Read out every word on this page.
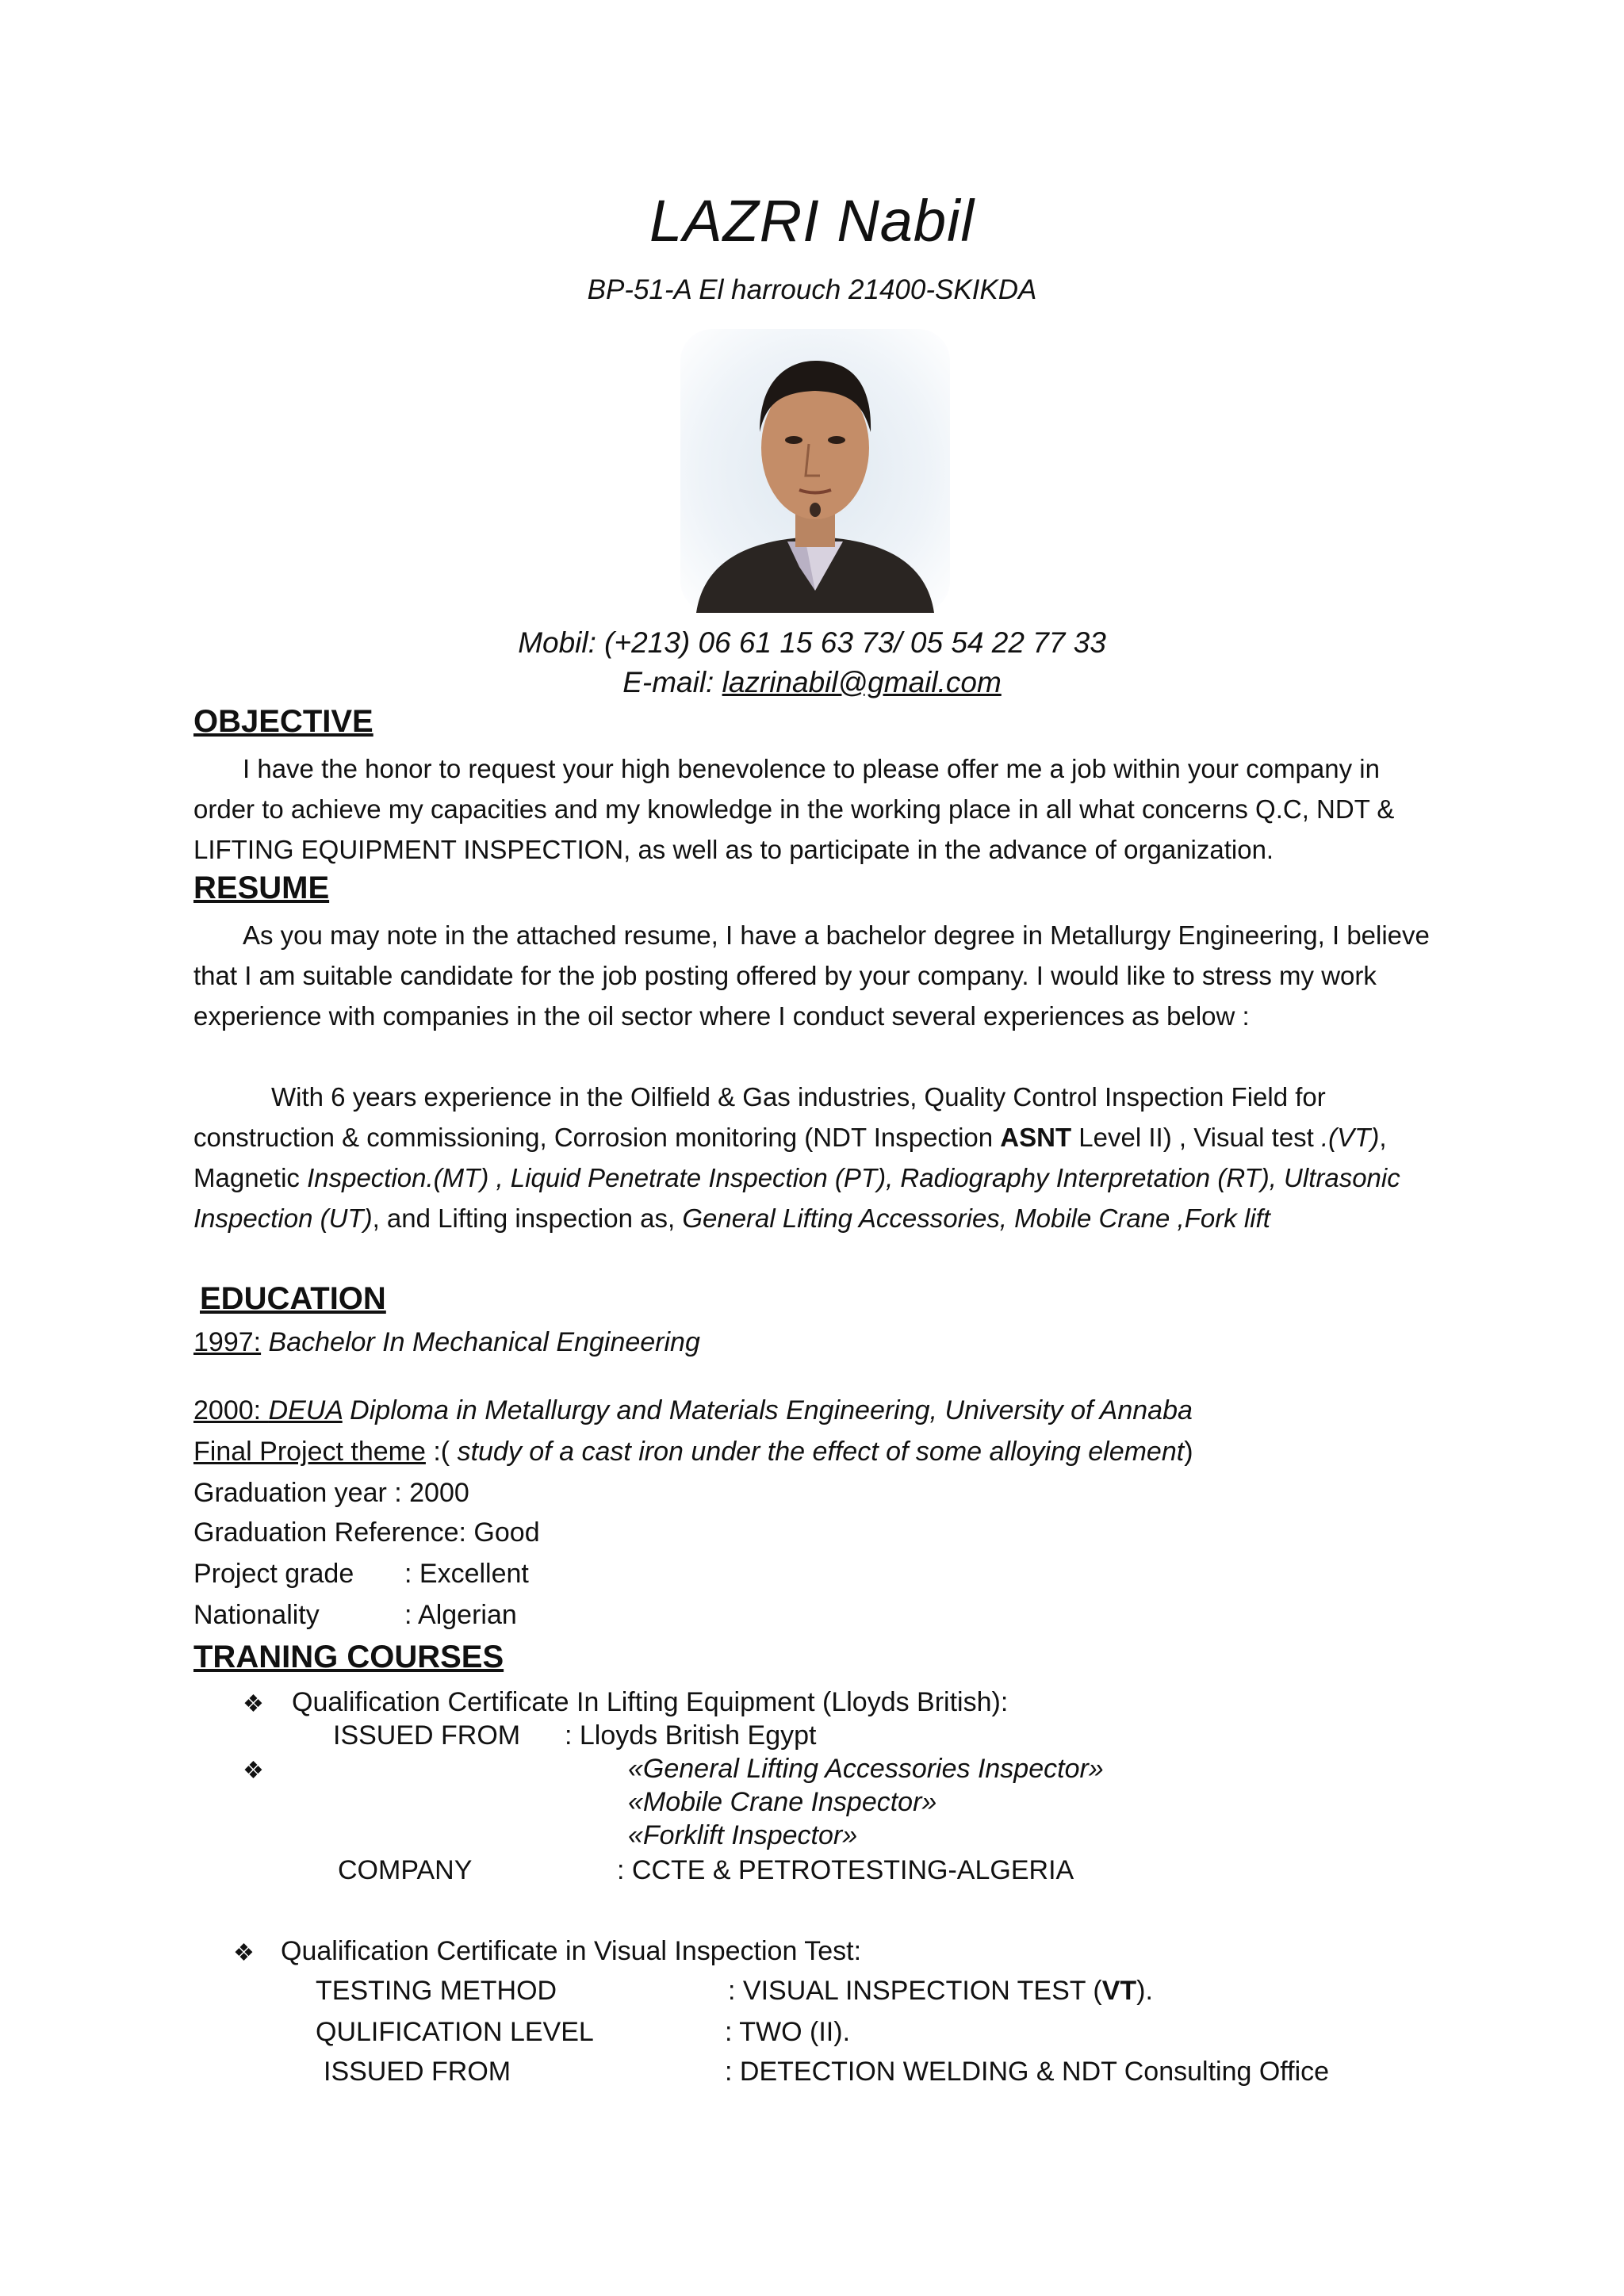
LAZRI Nabil
BP-51-A El harrouch 21400-SKIKDA
Mobil: (+213) 06 61 15 63 73/ 05 54 22 77 33
E-mail: lazrinabil@gmail.com
OBJECTIVE
I have the honor to request your high benevolence to please offer me a job within your company in order to achieve my capacities and my knowledge in the working place in all what concerns Q.C, NDT & LIFTING EQUIPMENT INSPECTION, as well as to participate in the advance of organization.
RESUME
As you may note in the attached resume, I have a bachelor degree in Metallurgy Engineering, I believe that I am suitable candidate for the job posting offered by your company. I would like to stress my work experience with companies in the oil sector where I conduct several experiences as below :
With 6 years experience in the Oilfield & Gas industries, Quality Control Inspection Field for construction & commissioning, Corrosion monitoring (NDT Inspection ASNT Level II) , Visual test .(VT), Magnetic Inspection.(MT) , Liquid Penetrate Inspection (PT), Radiography Interpretation (RT), Ultrasonic Inspection (UT), and Lifting inspection as, General Lifting Accessories, Mobile Crane ,Fork lift
EDUCATION
1997: Bachelor In Mechanical Engineering
2000: DEUA Diploma in Metallurgy and Materials Engineering, University of Annaba
Final Project theme :( study of a cast iron under the effect of some alloying element)
Graduation year : 2000
Graduation Reference: Good
Project grade : Excellent
Nationality	: Algerian
TRANING COURSES
❖ Qualification Certificate In Lifting Equipment (Lloyds British):
ISSUED FROM : Lloyds British Egypt
❖	«General Lifting Accessories Inspector»
«Mobile Crane Inspector»
«Forklift Inspector»
COMPANY	: CCTE & PETROTESTING-ALGERIA
❖ Qualification Certificate in Visual Inspection Test:
TESTING METHOD	: VISUAL INSPECTION TEST (VT).
QULIFICATION LEVEL	: TWO (II).
ISSUED FROM	: DETECTION WELDING & NDT Consulting Office
